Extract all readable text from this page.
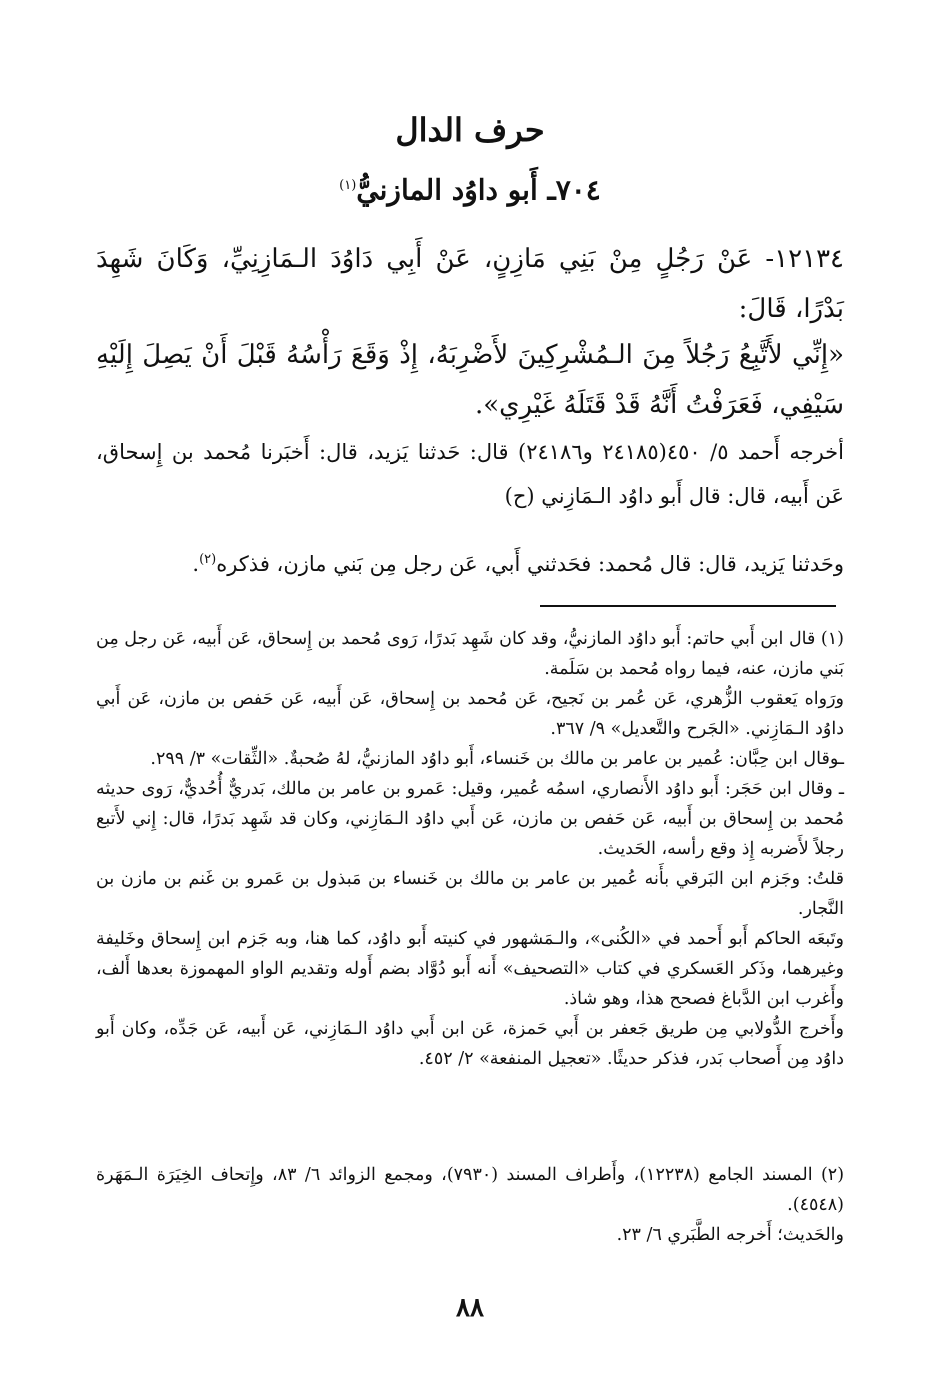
حرف الدال
٧٠٤ـ أَبو داوُد المازنيُّ$^{(١)}$

١٢١٣٤- عَنْ رَجُلٍ مِنْ بَنِي مَازِنٍ، عَنْ أَبِي دَاوُدَ الـمَازِنِيِّ، وَكَانَ شَهِدَ بَدْرًا، قَالَ:

«إِنِّي لأَتَّبِعُ رَجُلاً مِنَ الـمُشْرِكِينَ لأَضْرِبَهُ، إِذْ وَقَعَ رَأْسُهُ قَبْلَ أَنْ يَصِلَ إِلَيْهِ سَيْفِي، فَعَرَفْتُ أَنَّهُ قَدْ قَتَلَهُ غَيْرِي».

أخرجه أَحمد ٥/ ٤٥٠(٢٤١٨٥ و٢٤١٨٦) قال: حَدثنا يَزيد، قال: أَخبَرنا مُحمد بن إِسحاق، عَن أَبيه، قال: قال أَبو داوُد الـمَازِني (ح)

وحَدثنا يَزيد، قال: قال مُحمد: فحَدثني أَبي، عَن رجل مِن بَني مازن، فذكره$^{(٢)}$.

(١) قال ابن أَبي حاتم: أَبو داوُد المازنيُّ، وقد كان شَهِد بَدرًا، رَوى مُحمد بن إِسحاق، عَن أَبيه، عَن رجل مِن بَني مازن، عنه، فيما رواه مُحمد بن سَلَمة.

ورَواه يَعقوب الزُّهري، عَن عُمر بن نَجيح، عَن مُحمد بن إِسحاق، عَن أَبيه، عَن حَفص بن مازن، عَن أَبي داوُد الـمَازِني. «الجَرح والتَّعديل» ٩/ ٣٦٧.

ـوقال ابن حِبَّان: عُمير بن عامر بن مالك بن خَنساء، أَبو داوُد المازنيُّ، لهُ صُحبةٌ. «الثِّقات» ٣/ ٢٩٩.

ـ وقال ابن حَجَر: أَبو داوُد الأَنصاري، اسمُه عُمير، وقيل: عَمرو بن عامر بن مالك، بَدريٌّ أُحُديٌّ، رَوى حديثه مُحمد بن إِسحاق بن أَبيه، عَن حَفص بن مازن، عَن أَبي داوُد الـمَازِني، وكان قد شَهِد بَدرًا، قال: إِني لأَتبع رجلاً لأَضربه إِذ وقع رأسه، الحَديث.

قلتُ: وجَزم ابن البَرقي بأَنه عُمير بن عامر بن مالك بن خَنساء بن مَبذول بن عَمرو بن غَنم بن مازن بن النَّجار.

وتَبعَه الحاكم أَبو أَحمد في «الكُنى»، والـمَشهور في كنيته أَبو داوُد، كما هنا، وبه جَزم ابن إِسحاق وخَليفة وغيرهما، وذَكر العَسكري في كتاب «التصحيف» أَنه أَبو دُوَّاد بضم أَوله وتقديم الواو المهموزة بعدها أَلف، وأَغرب ابن الدَّباغ فصحح هذا، وهو شاذ.

وأَخرج الدُّولابي مِن طريق جَعفر بن أَبي حَمزة، عَن ابن أَبي داوُد الـمَازِني، عَن أَبيه، عَن جَدِّه، وكان أَبو داوُد مِن أَصحاب بَدر، فذكر حديثًا. «تعجيل المنفعة» ٢/ ٤٥٢.

(٢) المسند الجامع (١٢٢٣٨)، وأَطراف المسند (٧٩٣٠)، ومجمع الزوائد ٦/ ٨٣، وإِتحاف الخِيَرَة الـمَهَرة (٤٥٤٨).

والحَديث؛ أَخرجه الطَّبَري ٦/ ٢٣.

٨٨
